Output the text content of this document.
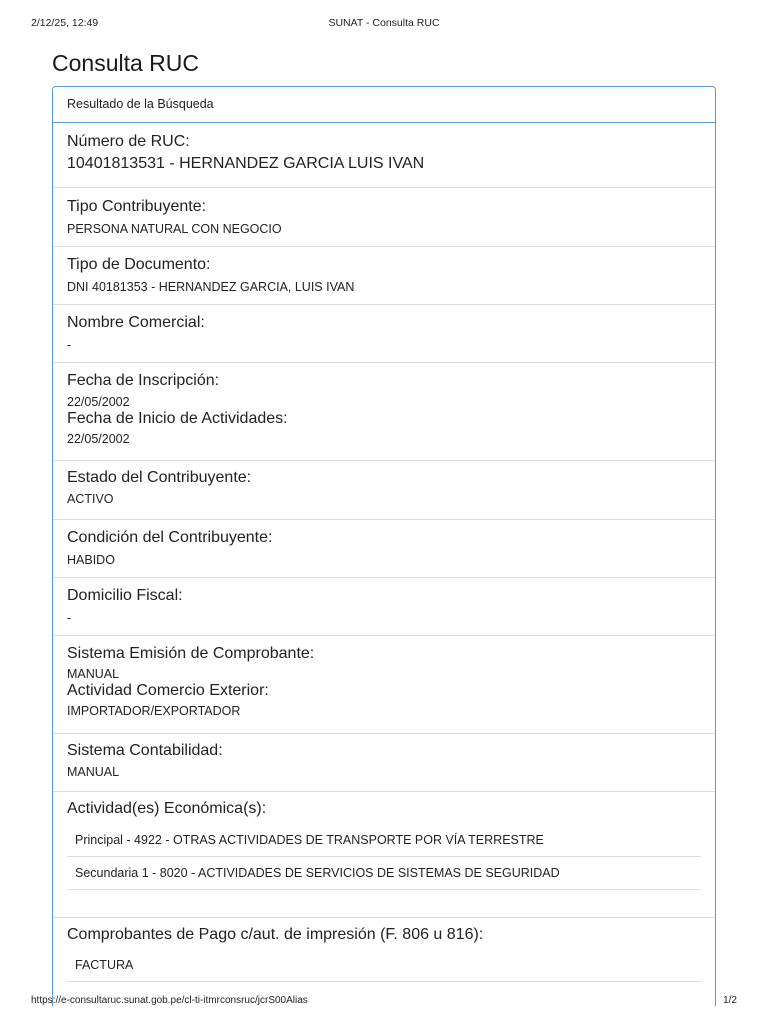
2/12/25, 12:49	SUNAT - Consulta RUC
Consulta RUC
Resultado de la Búsqueda
Número de RUC:
10401813531 - HERNANDEZ GARCIA LUIS IVAN
Tipo Contribuyente:
PERSONA NATURAL CON NEGOCIO
Tipo de Documento:
DNI 40181353 - HERNANDEZ GARCIA, LUIS IVAN
Nombre Comercial:
-
Fecha de Inscripción:
22/05/2002
Fecha de Inicio de Actividades:
22/05/2002
Estado del Contribuyente:
ACTIVO
Condición del Contribuyente:
HABIDO
Domicilio Fiscal:
-
Sistema Emisión de Comprobante:
MANUAL
Actividad Comercio Exterior:
IMPORTADOR/EXPORTADOR
Sistema Contabilidad:
MANUAL
Actividad(es) Económica(s):
Principal - 4922 - OTRAS ACTIVIDADES DE TRANSPORTE POR VÍA TERRESTRE
Secundaria 1 - 8020 - ACTIVIDADES DE SERVICIOS DE SISTEMAS DE SEGURIDAD
Comprobantes de Pago c/aut. de impresión (F. 806 u 816):
FACTURA
https://e-consultaruc.sunat.gob.pe/cl-ti-itmrconsruc/jcrS00Alias	1/2
